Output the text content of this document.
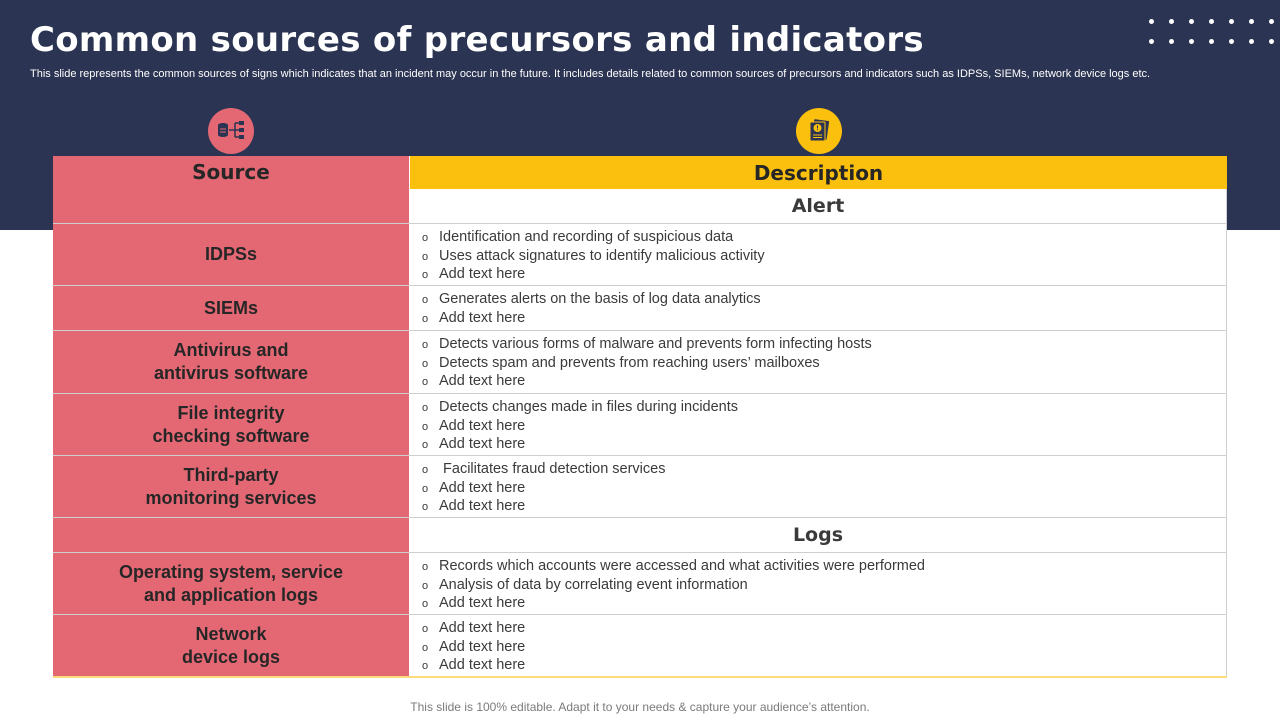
Common sources of precursors and indicators

This slide represents the common sources of signs which indicates that an incident may occur in the future. It includes details related to common sources of precursors and indicators such as IDPSs, SIEMs, network device logs etc.

Source	Description
Alert
IDPSs
o Identification and recording of suspicious data
o Uses attack signatures to identify malicious activity
o Add text here
SIEMs	o Generates alerts on the basis of log data analytics
o Add text here
Antivirus and
antivirus software
o Detects various forms of malware and prevents form infecting hosts
o Detects spam and prevents from reaching users’ mailboxes
o Add text here
File integrity
checking software
o Detects changes made in files during incidents
o Add text here
o Add text here
Third-party
monitoring services
o Facilitates fraud detection services
o Add text here
o Add text here
Logs
Operating system, service
and application logs
o Records which accounts were accessed and what activities were performed
o Analysis of data by correlating event information
o Add text here
Network
device logs
o Add text here
o Add text here
o Add text here
This slide is 100% editable. Adapt it to your needs & capture your audience’s attention.
